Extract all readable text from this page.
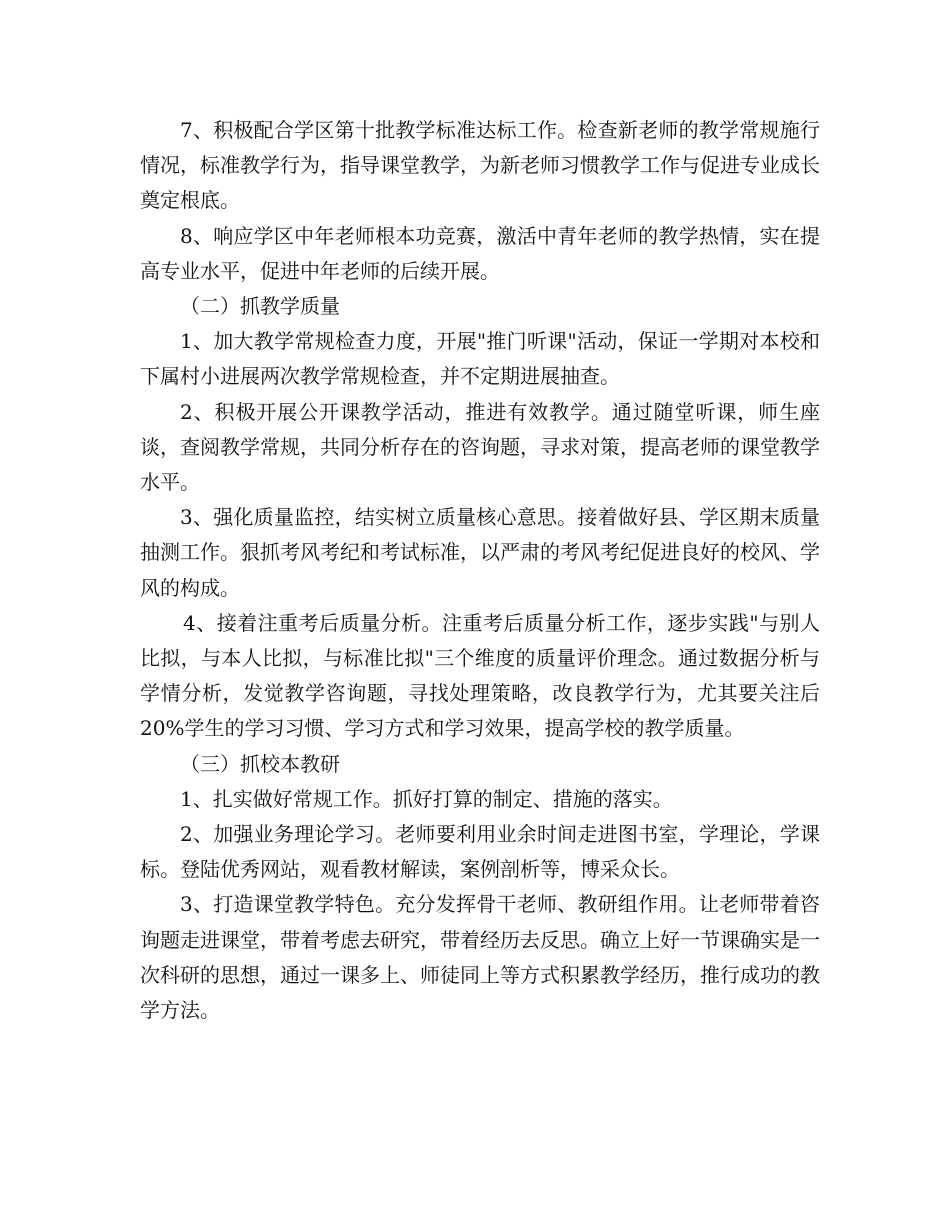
7、积极配合学区第十批教学标准达标工作。检查新老师的教学常规施行情况，标准教学行为，指导课堂教学，为新老师习惯教学工作与促进专业成长奠定根底。

8、响应学区中年老师根本功竞赛，激活中青年老师的教学热情，实在提高专业水平，促进中年老师的后续开展。

（二）抓教学质量

1、加大教学常规检查力度，开展"推门听课"活动，保证一学期对本校和下属村小进展两次教学常规检查，并不定期进展抽查。

2、积极开展公开课教学活动，推进有效教学。通过随堂听课，师生座谈，查阅教学常规，共同分析存在的咨询题，寻求对策，提高老师的课堂教学水平。

3、强化质量监控，结实树立质量核心意思。接着做好县、学区期末质量抽测工作。狠抓考风考纪和考试标准，以严肃的考风考纪促进良好的校风、学风的构成。

4、接着注重考后质量分析。注重考后质量分析工作，逐步实践"与别人比拟，与本人比拟，与标准比拟"三个维度的质量评价理念。通过数据分析与学情分析，发觉教学咨询题，寻找处理策略，改良教学行为，尤其要关注后20%学生的学习习惯、学习方式和学习效果，提高学校的教学质量。

（三）抓校本教研

1、扎实做好常规工作。抓好打算的制定、措施的落实。

2、加强业务理论学习。老师要利用业余时间走进图书室，学理论，学课标。登陆优秀网站，观看教材解读，案例剖析等，博采众长。

3、打造课堂教学特色。充分发挥骨干老师、教研组作用。让老师带着咨询题走进课堂，带着考虑去研究，带着经历去反思。确立上好一节课确实是一次科研的思想，通过一课多上、师徒同上等方式积累教学经历，推行成功的教学方法。
